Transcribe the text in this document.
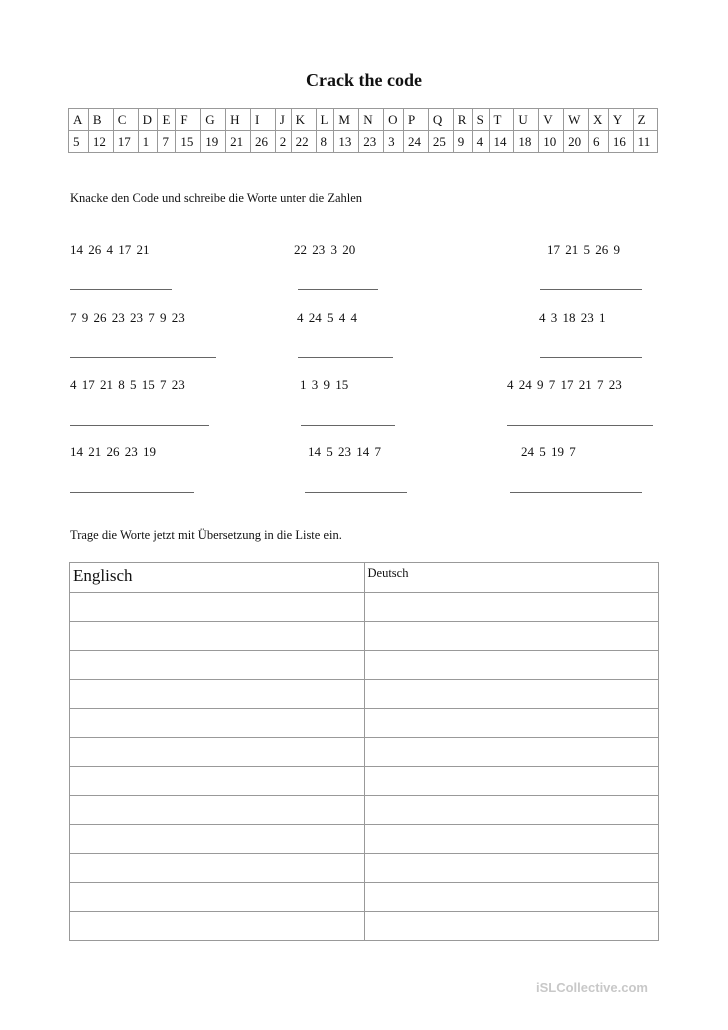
Crack the code
A	B	C	D	E	F	G	H	I	J	K	L	M	N	O	P	Q	R	S	T	U	V	W	X	Y	Z
5	12	17	1	7	15	19	21	26	2	22	8	13	23	3	24	25	9	4	14	18	10	20	6	16	11
Knacke den Code und schreibe die Worte unter die Zahlen
14 26 4 17 21	22 23 3 20	17 21 5 26 9
7 9 26 23 23 7 9 23	4 24 5 4 4	4 3 18 23 1
4 17 21 8 5 15 7 23	1 3 9 15	4 24 9 7 17 21 7 23
14 21 26 23 19	14 5 23 14 7	24 5 19 7
Trage die Worte jetzt mit Übersetzung in die Liste ein.
Englisch	Deutsch

iSLCollective.com
